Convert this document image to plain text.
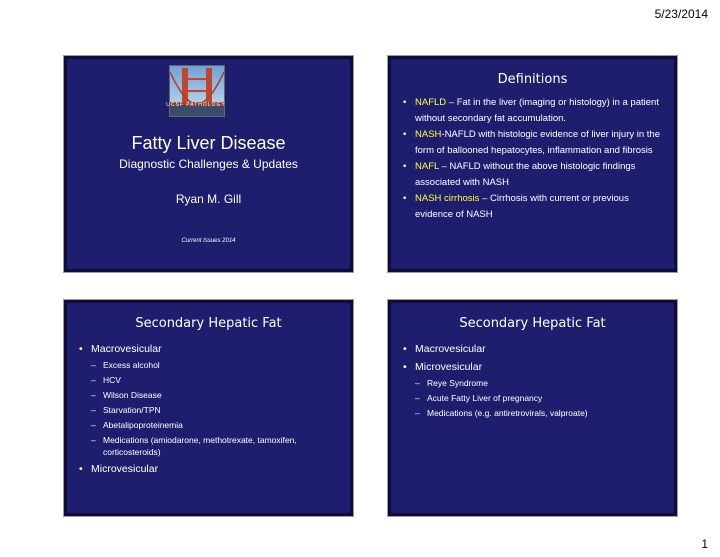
5/23/2014
UCSF PATHOLOGY
Fatty Liver Disease
Diagnostic Challenges & Updates
Ryan M. Gill
Current Issues 2014
Definitions
• NAFLD – Fat in the liver (imaging or histology) in a patient without secondary fat accumulation.
• NASH-NAFLD with histologic evidence of liver injury in the form of ballooned hepatocytes, inflammation and fibrosis
• NAFL – NAFLD without the above histologic findings associated with NASH
• NASH cirrhosis – Cirrhosis with current or previous evidence of NASH
Secondary Hepatic Fat
• Macrovesicular
– Excess alcohol
– HCV
– Wilson Disease
– Starvation/TPN
– Abetalipoproteinemia
– Medications (amiodarone, methotrexate, tamoxifen, corticosteroids)
• Microvesicular
Secondary Hepatic Fat
• Macrovesicular
• Microvesicular
– Reye Syndrome
– Acute Fatty Liver of pregnancy
– Medications (e.g. antiretrovirals, valproate)
1
